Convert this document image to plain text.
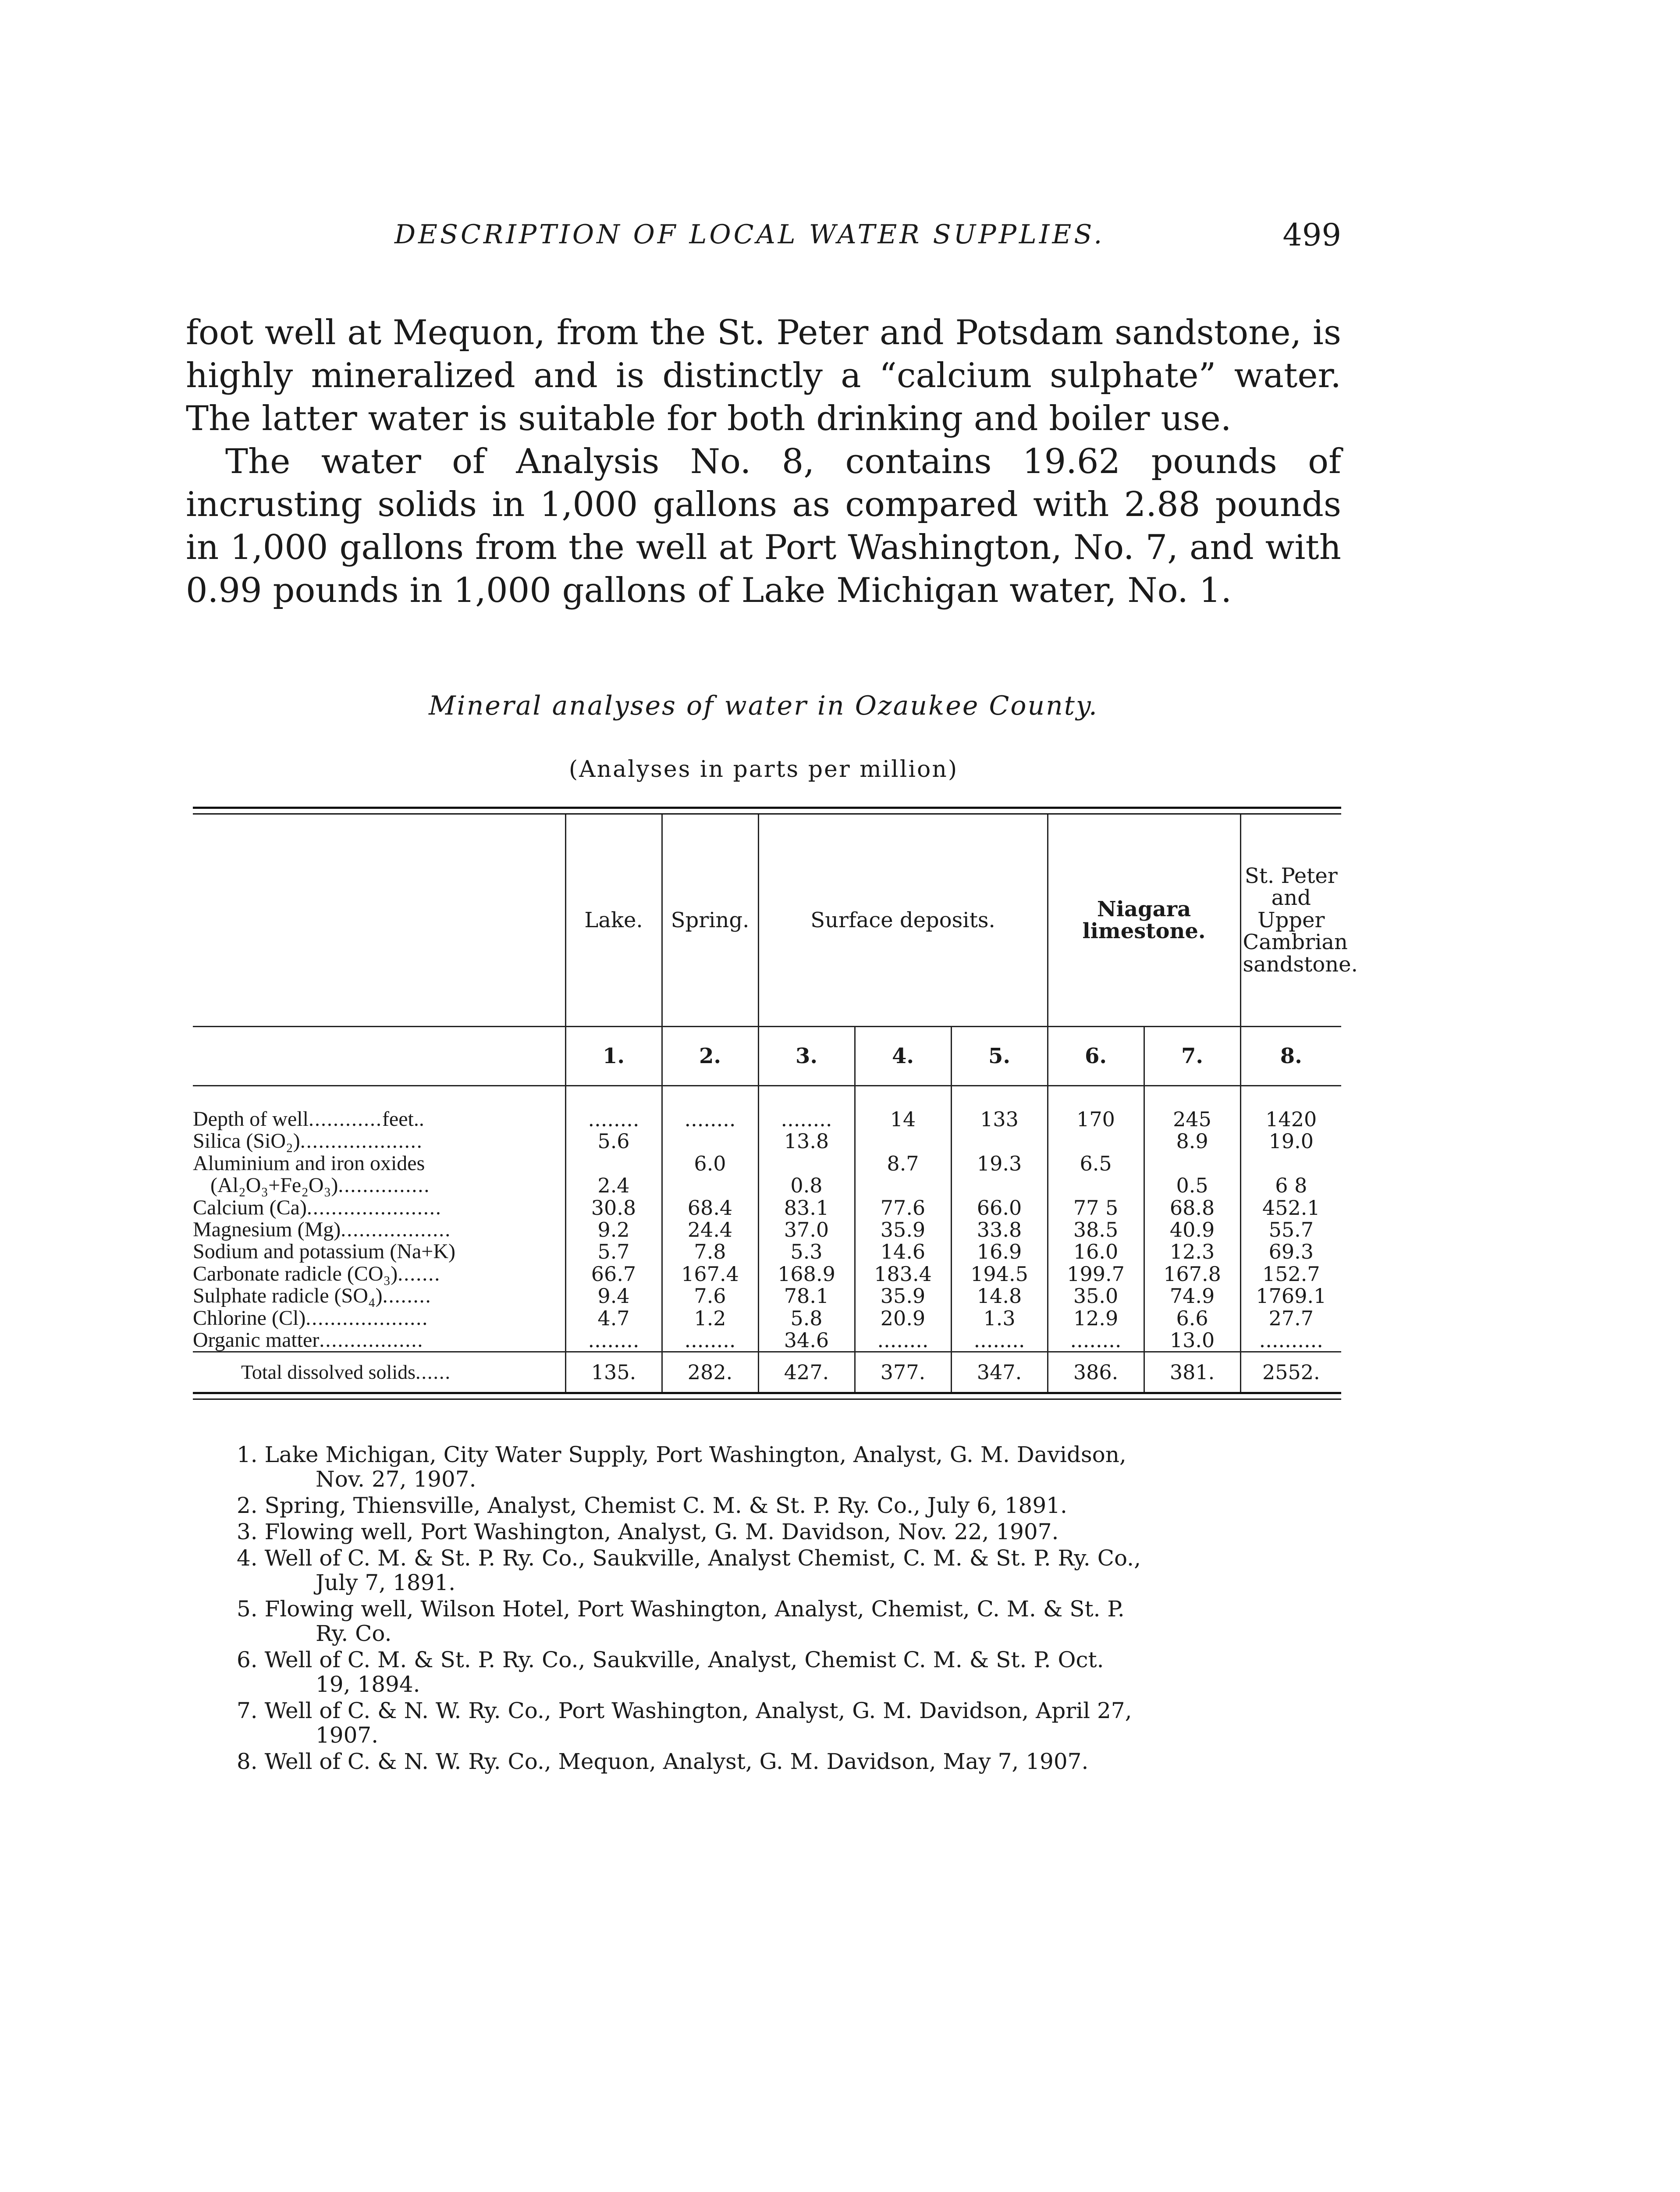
DESCRIPTION OF LOCAL WATER SUPPLIES.	499

foot well at Mequon, from the St. Peter and Potsdam sandstone, is highly mineralized and is distinctly a “calcium sulphate” water. The latter water is suitable for both drinking and boiler use.

The water of Analysis No. 8, contains 19.62 pounds of incrusting solids in 1,000 gallons as compared with 2.88 pounds in 1,000 gallons from the well at Port Washington, No. 7, and with 0.99 pounds in 1,000 gallons of Lake Michigan water, No. 1.

Mineral analyses of water in Ozaukee County.
(Analyses in parts per million)
	Lake.	Spring.	Surface deposits.			Niagara limestone.		St. Peter and Upper Cambrian sandstone.
	1.	2.	3.	4.	5.	6.	7.	8.
Depth of well............feet..	........	........	........	14	133	170	245	1420
Silica (SiO₂)....................	5.6		13.8				8.9	19.0
Aluminium and iron oxides		6.0		8.7	19.3	6.5		
(Al₂O₃+Fe₂O₃)...............	2.4		0.8				0.5	6 8
Calcium (Ca)......................	30.8	68.4	83.1	77.6	66.0	77 5	68.8	452.1
Magnesium (Mg)..................	9.2	24.4	37.0	35.9	33.8	38.5	40.9	55.7
Sodium and potassium (Na+K)	5.7	7.8	5.3	14.6	16.9	16.0	12.3	69.3
Carbonate radicle (CO₃).......	66.7	167.4	168.9	183.4	194.5	199.7	167.8	152.7
Sulphate radicle (SO₄)........	9.4	7.6	78.1	35.9	14.8	35.0	74.9	1769.1
Chlorine (Cl)....................	4.7	1.2	5.8	20.9	1.3	12.9	6.6	27.7
Organic matter.................	........	........	34.6	........	........	........	13.0	..........
Total dissolved solids......	135.	282.	427.	377.	347.	386.	381.	2552.

1. Lake Michigan, City Water Supply, Port Washington, Analyst, G. M. Davidson,
Nov. 27, 1907.

2. Spring, Thiensville, Analyst, Chemist C. M. & St. P. Ry. Co., July 6, 1891.

3. Flowing well, Port Washington, Analyst, G. M. Davidson, Nov. 22, 1907.

4. Well of C. M. & St. P. Ry. Co., Saukville, Analyst Chemist, C. M. & St. P. Ry. Co.,
July 7, 1891.

5. Flowing well, Wilson Hotel, Port Washington, Analyst, Chemist, C. M. & St. P.
Ry. Co.

6. Well of C. M. & St. P. Ry. Co., Saukville, Analyst, Chemist C. M. & St. P. Oct.
19, 1894.

7. Well of C. & N. W. Ry. Co., Port Washington, Analyst, G. M. Davidson, April 27,
1907.

8. Well of C. & N. W. Ry. Co., Mequon, Analyst, G. M. Davidson, May 7, 1907.
